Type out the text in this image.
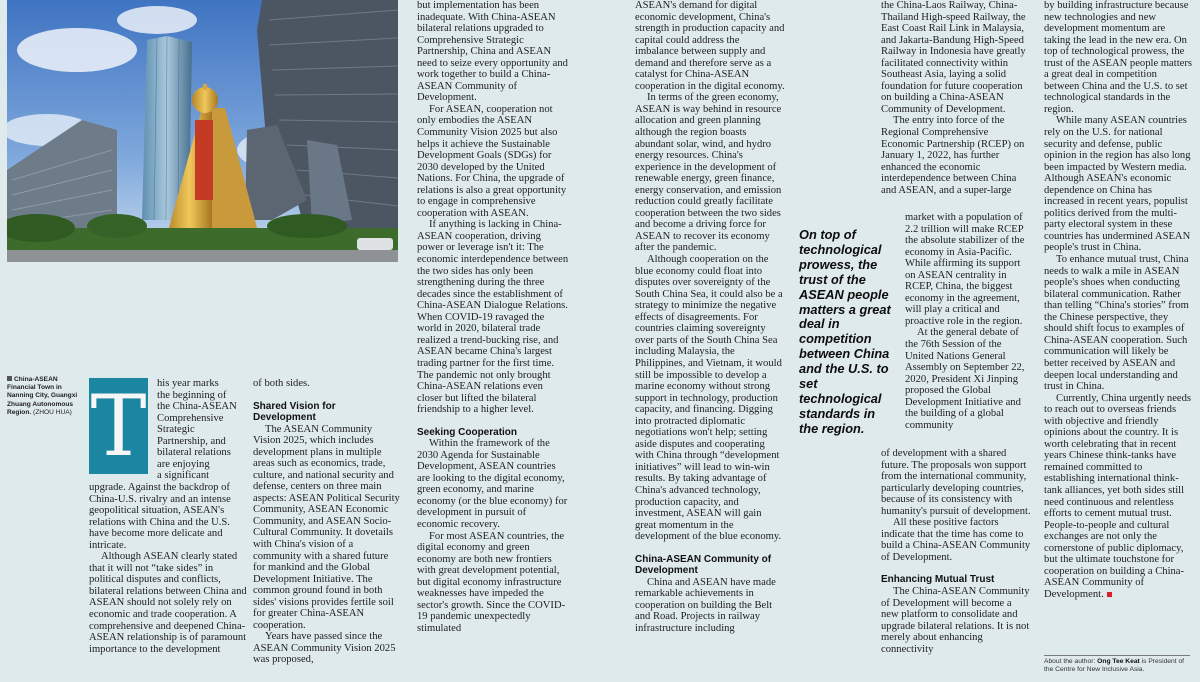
China-ASEAN Financial Town in Nanning City, Guangxi Zhuang Autonomous Region. (ZHOU HUA) T his year marks
the beginning of
the China-ASEAN
Comprehensive
Strategic
Partnership, and
bilateral relations
are enjoying
a significant

upgrade. Against the backdrop of China-U.S. rivalry and an intense geopolitical situation, ASEAN's relations with China and the U.S. have become more delicate and intricate.

Although ASEAN clearly stated that it will not “take sides” in political disputes and conflicts, bilateral relations between China and ASEAN should not solely rely on economic and trade cooperation. A comprehensive and deepened China-ASEAN relationship is of paramount importance to the development

of both sides.

Shared Vision for Development

The ASEAN Community Vision 2025, which includes development plans in multiple areas such as economics, trade, culture, and national security and defense, centers on three main aspects: ASEAN Political Security Community, ASEAN Economic Community, and ASEAN Socio-Cultural Community. It dovetails with China's vision of a community with a shared future for mankind and the Global Development Initiative. The common ground found in both sides' visions provides fertile soil for greater China-ASEAN cooperation.

Years have passed since the ASEAN Community Vision 2025 was proposed,

but implementation has been inadequate. With China-ASEAN bilateral relations upgraded to Comprehensive Strategic Partnership, China and ASEAN need to seize every opportunity and work together to build a China-ASEAN Community of Development.

For ASEAN, cooperation not only embodies the ASEAN Community Vision 2025 but also helps it achieve the Sustainable Development Goals (SDGs) for 2030 developed by the United Nations. For China, the upgrade of relations is also a great opportunity to engage in comprehensive cooperation with ASEAN.

If anything is lacking in China-ASEAN cooperation, driving power or leverage isn't it: The economic interdependence between the two sides has only been strengthening during the three decades since the establishment of China-ASEAN Dialogue Relations. When COVID-19 ravaged the world in 2020, bilateral trade realized a trend-bucking rise, and ASEAN became China's largest trading partner for the first time. The pandemic not only brought China-ASEAN relations even closer but lifted the bilateral friendship to a higher level.

Seeking Cooperation

Within the framework of the 2030 Agenda for Sustainable Development, ASEAN countries are looking to the digital economy, green economy, and marine economy (or the blue economy) for development in pursuit of economic recovery.

For most ASEAN countries, the digital economy and green economy are both new frontiers with great development potential, but digital economy infrastructure weaknesses have impeded the sector's growth. Since the COVID-19 pandemic unexpectedly stimulated

ASEAN's demand for digital economic development, China's strength in production capacity and capital could address the imbalance between supply and demand and therefore serve as a catalyst for China-ASEAN cooperation in the digital economy.

In terms of the green economy, ASEAN is way behind in resource allocation and green planning although the region boasts abundant solar, wind, and hydro energy resources. China's experience in the development of renewable energy, green finance, energy conservation, and emission reduction could greatly facilitate cooperation between the two sides and become a driving force for ASEAN to recover its economy after the pandemic.

Although cooperation on the blue economy could float into disputes over sovereignty of the South China Sea, it could also be a strategy to minimize the negative effects of disagreements. For countries claiming sovereignty over parts of the South China Sea including Malaysia, the Philippines, and Vietnam, it would still be impossible to develop a marine economy without strong support in technology, production capacity, and financing. Digging into protracted diplomatic negotiations won't help; setting aside disputes and cooperating with China through “development initiatives” will lead to win-win results. By taking advantage of China's advanced technology, production capacity, and investment, ASEAN will gain great momentum in the development of the blue economy.

China-ASEAN Community of Development

China and ASEAN have made remarkable achievements in cooperation on building the Belt and Road. Projects in railway infrastructure including

On top of technological prowess, the trust of the ASEAN people matters a great deal in competition between China and the U.S. to set technological standards in the region.

the China-Laos Railway, China-Thailand High-speed Railway, the East Coast Rail Link in Malaysia, and Jakarta-Bandung High-Speed Railway in Indonesia have greatly facilitated connectivity within Southeast Asia, laying a solid foundation for future cooperation on building a China-ASEAN Community of Development.

The entry into force of the Regional Comprehensive Economic Partnership (RCEP) on January 1, 2022, has further enhanced the economic interdependence between China and ASEAN, and a super-large

market with a population of 2.2 trillion will make RCEP the absolute stabilizer of the economy in Asia-Pacific. While affirming its support on ASEAN centrality in RCEP, China, the biggest economy in the agreement, will play a critical and proactive role in the region.

At the general debate of the 76th Session of the United Nations General Assembly on September 22, 2020, President Xi Jinping proposed the Global Development Initiative and the building of a global community

of development with a shared future. The proposals won support from the international community, particularly developing countries, because of its consistency with humanity's pursuit of development.

All these positive factors indicate that the time has come to build a China-ASEAN Community of Development.

Enhancing Mutual Trust

The China-ASEAN Community of Development will become a new platform to consolidate and upgrade bilateral relations. It is not merely about enhancing connectivity

by building infrastructure because new technologies and new development momentum are taking the lead in the new era. On top of technological prowess, the trust of the ASEAN people matters a great deal in competition between China and the U.S. to set technological standards in the region.

While many ASEAN countries rely on the U.S. for national security and defense, public opinion in the region has also long been impacted by Western media. Although ASEAN's economic dependence on China has increased in recent years, populist politics derived from the multi-party electoral system in these countries has undermined ASEAN people's trust in China.

To enhance mutual trust, China needs to walk a mile in ASEAN people's shoes when conducting bilateral communication. Rather than telling “China's stories” from the Chinese perspective, they should shift focus to examples of China-ASEAN cooperation. Such communication will likely be better received by ASEAN and deepen local understanding and trust in China.

Currently, China urgently needs to reach out to overseas friends with objective and friendly opinions about the country. It is worth celebrating that in recent years Chinese think-tanks have remained committed to establishing international think-tank alliances, yet both sides still need continuous and relentless efforts to cement mutual trust. People-to-people and cultural exchanges are not only the cornerstone of public diplomacy, but the ultimate touchstone for cooperation on building a China-ASEAN Community of Development.

About the author: Ong Tee Keat is President of the Centre for New Inclusive Asia.
